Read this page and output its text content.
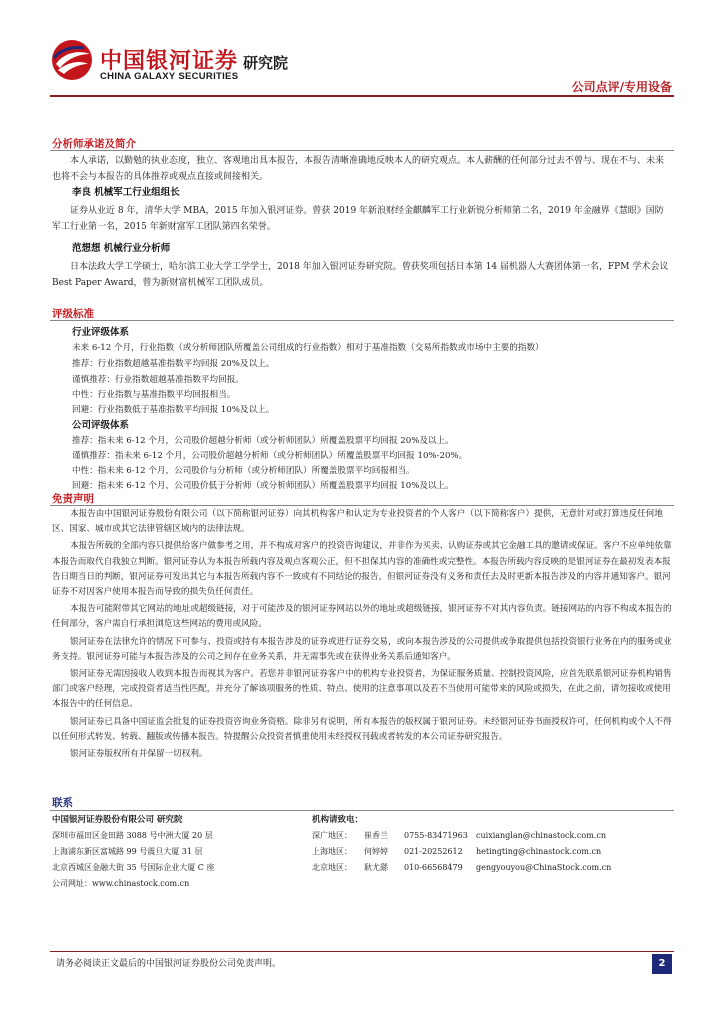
中国银河证券
CHINA GALAXY SECURITIES
研究院
公司点评/专用设备
分析师承诺及简介
本人承诺，以勤勉的执业态度，独立、客观地出具本报告，本报告清晰准确地反映本人的研究观点。本人薪酬的任何部分过去不曾与、现在不与、未来也将不会与本报告的具体推荐或观点直接或间接相关。
李良 机械军工行业组组长
证券从业近 8 年，清华大学 MBA，2015 年加入银河证券。曾获 2019 年新浪财经金麒麟军工行业新锐分析师第二名，2019 年金融界《慧眼》国防军工行业第一名，2015 年新财富军工团队第四名荣誉。
范想想 机械行业分析师
日本法政大学工学硕士，哈尔滨工业大学工学学士，2018 年加入银河证券研究院。曾获奖项包括日本第 14 届机器人大赛团体第一名，FPM 学术会议 Best Paper Award，曾为新财富机械军工团队成员。
评级标准
行业评级体系
未来 6-12 个月，行业指数（或分析师团队所覆盖公司组成的行业指数）相对于基准指数（交易所指数或市场中主要的指数）
推荐：行业指数超越基准指数平均回报 20%及以上。
谨慎推荐：行业指数超越基准指数平均回报。
中性：行业指数与基准指数平均回报相当。
回避：行业指数低于基准指数平均回报 10%及以上。
公司评级体系
推荐：指未来 6-12 个月，公司股价超越分析师（或分析师团队）所覆盖股票平均回报 20%及以上。
谨慎推荐：指未来 6-12 个月，公司股价超越分析师（或分析师团队）所覆盖股票平均回报 10%-20%。
中性：指未来 6-12 个月，公司股价与分析师（或分析师团队）所覆盖股票平均回报相当。
回避：指未来 6-12 个月，公司股价低于分析师（或分析师团队）所覆盖股票平均回报 10%及以上。
免责声明

本报告由中国银河证券股份有限公司（以下简称银河证券）向其机构客户和认定为专业投资者的个人客户（以下简称客户）提供，无意针对或打算违反任何地区、国家、城市或其它法律管辖区域内的法律法规。

本报告所载的全部内容只提供给客户做参考之用，并不构成对客户的投资咨询建议，并非作为买卖、认购证券或其它金融工具的邀请或保证。客户不应单纯依靠本报告而取代自我独立判断。银河证券认为本报告所载内容及观点客观公正，但不担保其内容的准确性或完整性。本报告所载内容反映的是银河证券在最初发表本报告日期当日的判断，银河证券可发出其它与本报告所载内容不一致或有不同结论的报告，但银河证券没有义务和责任去及时更新本报告涉及的内容并通知客户。银河证券不对因客户使用本报告而导致的损失负任何责任。

本报告可能附带其它网站的地址或超级链接，对于可能涉及的银河证券网站以外的地址或超级链接，银河证券不对其内容负责。链接网站的内容不构成本报告的任何部分，客户需自行承担浏览这些网站的费用或风险。

银河证券在法律允许的情况下可参与、投资或持有本报告涉及的证券或进行证券交易，或向本报告涉及的公司提供或争取提供包括投资银行业务在内的服务或业务支持。银河证券可能与本报告涉及的公司之间存在业务关系，并无需事先或在获得业务关系后通知客户。

银河证券无需因接收人收到本报告而视其为客户。若您并非银河证券客户中的机构专业投资者，为保证服务质量、控制投资风险，应首先联系银河证券机构销售部门或客户经理，完成投资者适当性匹配，并充分了解该项服务的性质、特点、使用的注意事项以及若不当使用可能带来的风险或损失，在此之前，请勿接收或使用本报告中的任何信息。

银河证券已具备中国证监会批复的证券投资咨询业务资格。除非另有说明，所有本报告的版权属于银河证券。未经银河证券书面授权许可，任何机构或个人不得以任何形式转发、转载、翻版或传播本报告。特提醒公众投资者慎重使用未经授权刊载或者转发的本公司证券研究报告。

银河证券版权所有并保留一切权利。

联系
中国银河证券股份有限公司 研究院
深圳市福田区金田路 3088 号中洲大厦 20 层
上海浦东新区富城路 99 号震旦大厦 31 层
北京西城区金融大街 35 号国际企业大厦 C 座
公司网址：www.chinastock.com.cn
机构请致电：
深广地区： 崔香兰 0755-83471963 cuixianglan@chinastock.com.cn
上海地区： 何婷婷 021-20252612 hetingting@chinastock.com.cn
北京地区： 耿尤繇 010-66568479 gengyouyou@ChinaStock.com.cn
请务必阅读正文最后的中国银河证券股份公司免责声明。	2
